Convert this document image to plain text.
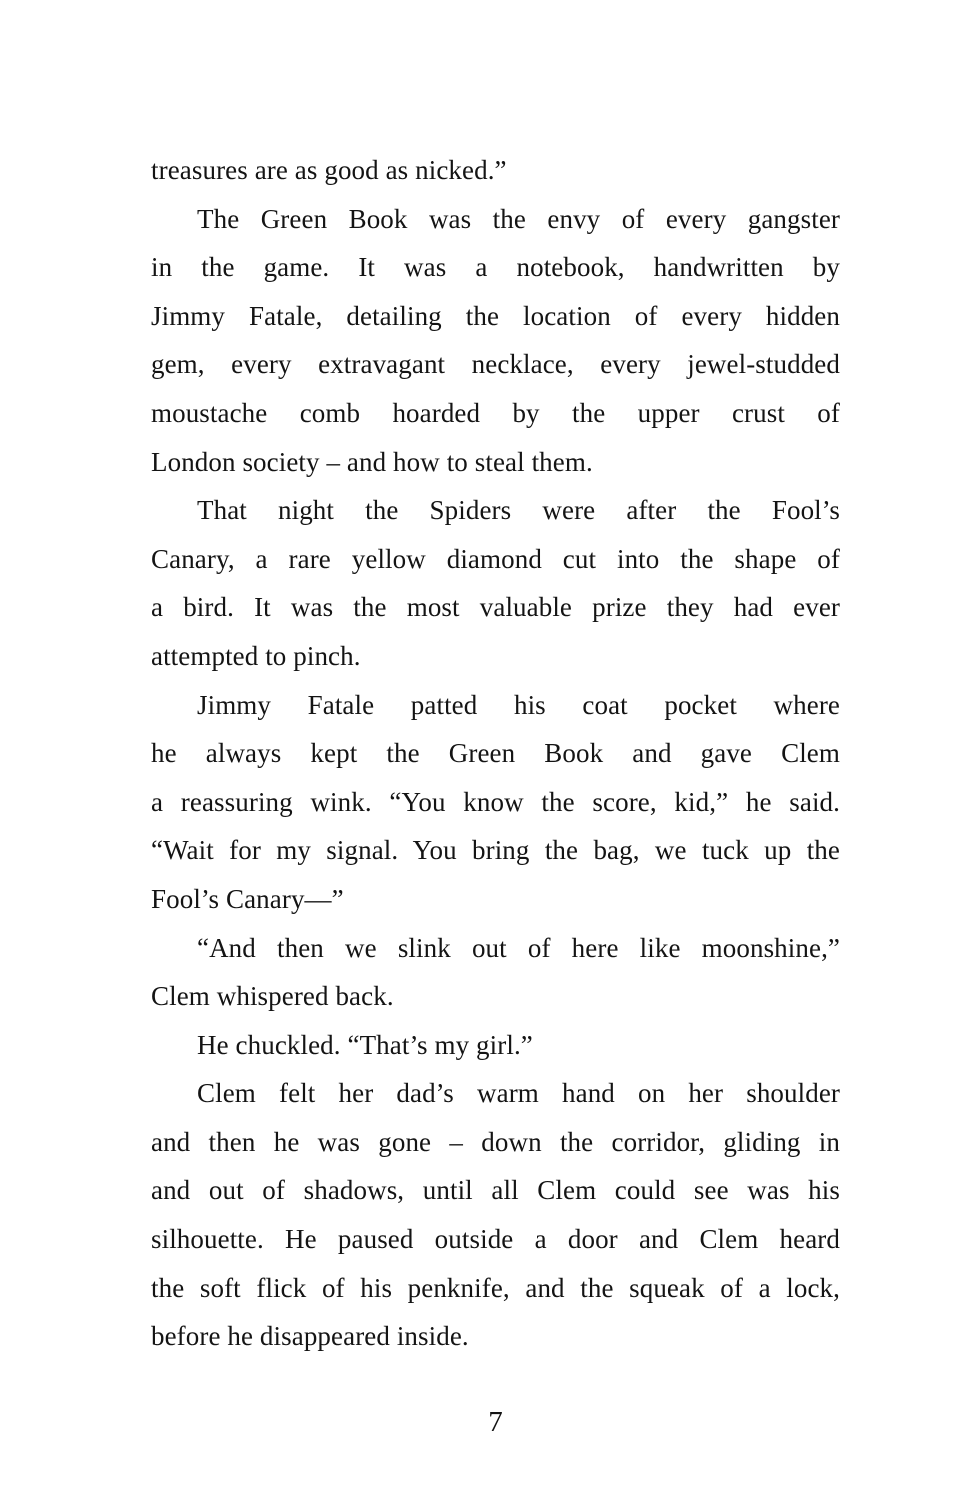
treasures are as good as nicked.”
The Green Book was the envy of every gangster
in the game. It was a notebook, handwritten by
Jimmy Fatale, detailing the location of every hidden
gem, every extravagant necklace, every jewel-studded
moustache comb hoarded by the upper crust of
London society – and how to steal them.
That night the Spiders were after the Fool’s
Canary, a rare yellow diamond cut into the shape of
a bird. It was the most valuable prize they had ever
attempted to pinch.
Jimmy Fatale patted his coat pocket where
he always kept the Green Book and gave Clem
a reassuring wink. “You know the score, kid,” he said.
“Wait for my signal. You bring the bag, we tuck up the
Fool’s Canary—”
“And then we slink out of here like moonshine,”
Clem whispered back.
He chuckled. “That’s my girl.”
Clem felt her dad’s warm hand on her shoulder
and then he was gone – down the corridor, gliding in
and out of shadows, until all Clem could see was his
silhouette. He paused outside a door and Clem heard
the soft flick of his penknife, and the squeak of a lock,
before he disappeared inside.
7
